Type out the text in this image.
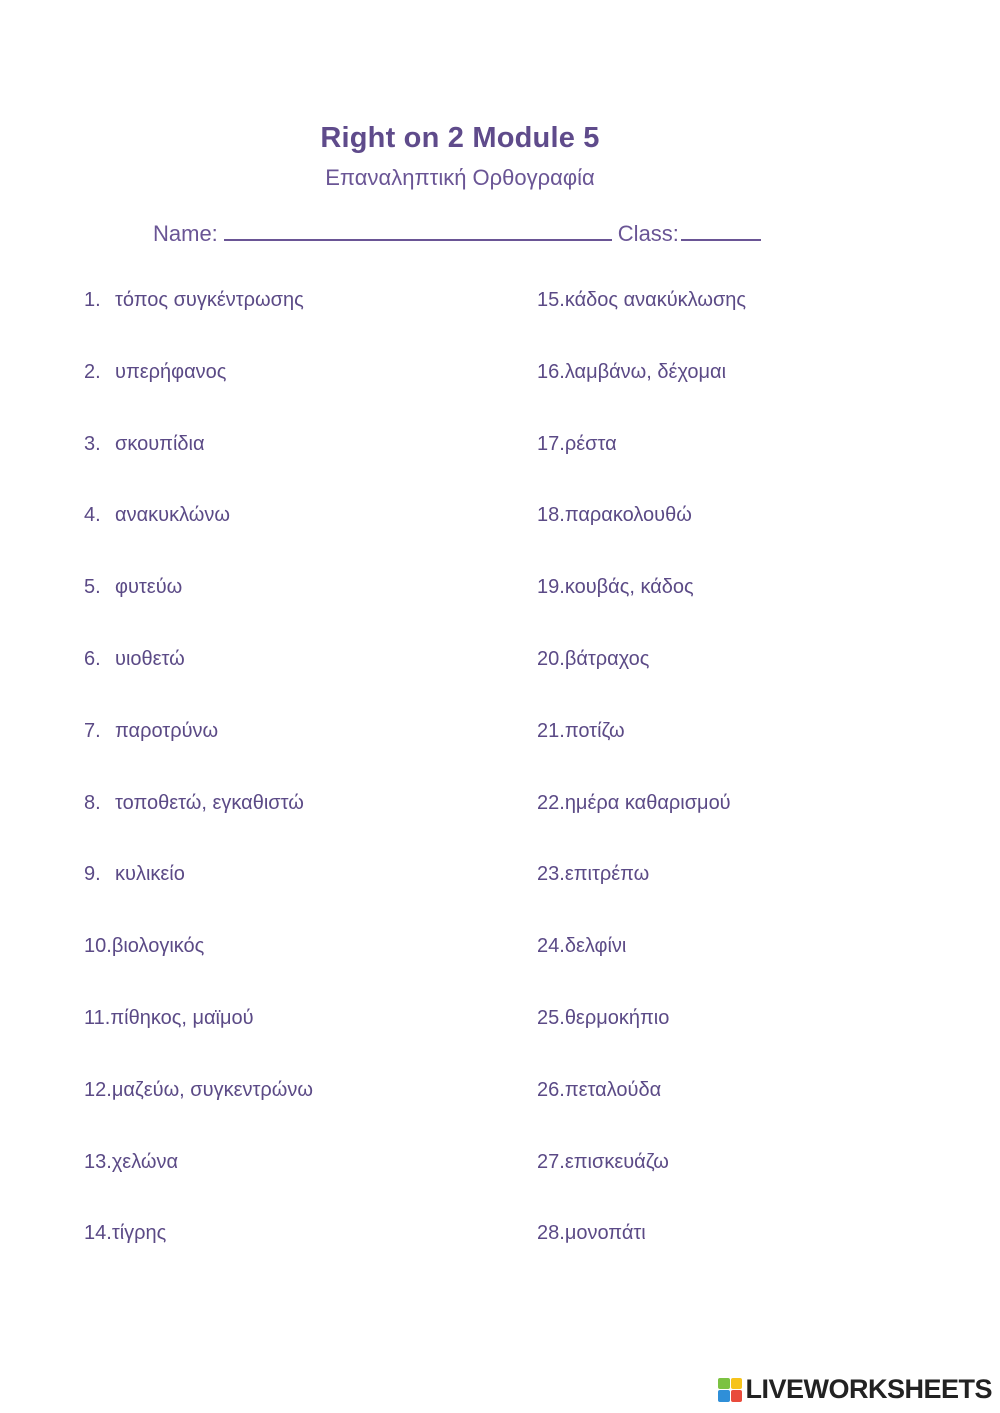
Right on 2 Module 5
Επαναληπτική Ορθογραφία
Name:	Class:
1. τόπος συγκέντρωσης
2. υπερήφανος
3. σκουπίδια
4. ανακυκλώνω
5. φυτεύω
6. υιοθετώ
7. παροτρύνω
8. τοποθετώ, εγκαθιστώ
9. κυλικείο
10.βιολογικός
11.πίθηκος, μαϊμού
12.μαζεύω, συγκεντρώνω
13.χελώνα
14.τίγρης
15.κάδος ανακύκλωσης
16.λαμβάνω, δέχομαι
17.ρέστα
18.παρακολουθώ
19.κουβάς, κάδος
20.βάτραχος
21.ποτίζω
22.ημέρα καθαρισμού
23.επιτρέπω
24.δελφίνι
25.θερμοκήπιο
26.πεταλούδα
27.επισκευάζω
28.μονοπάτι
LIVEWORKSHEETS
